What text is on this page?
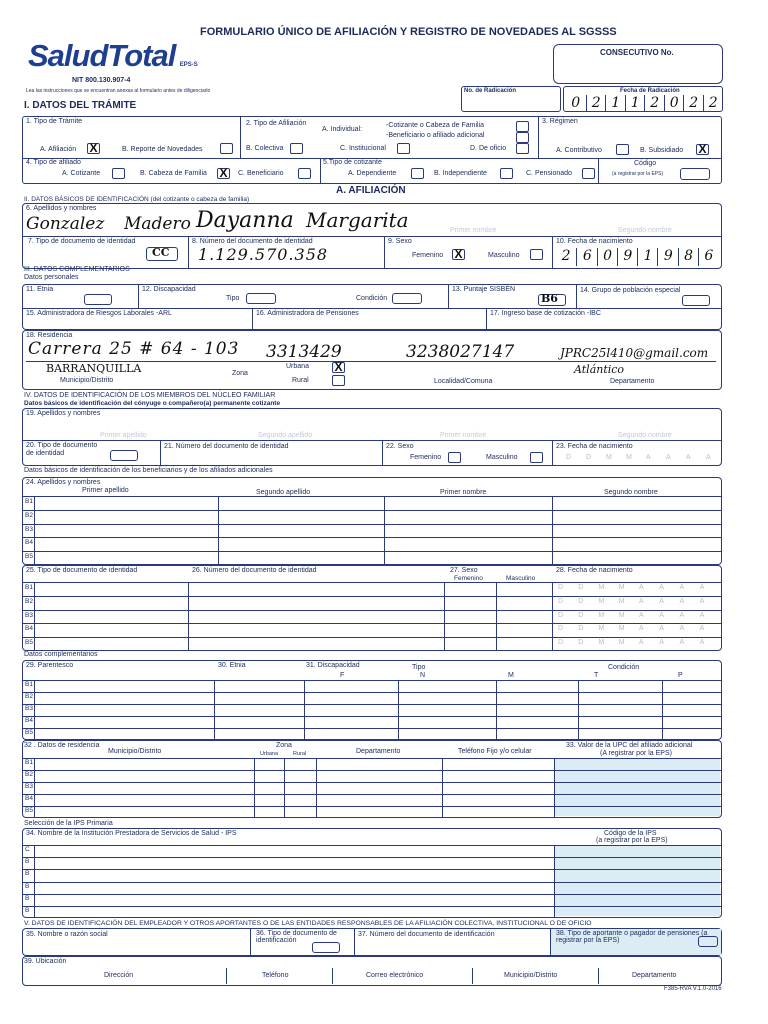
SaludTotal EPS-S
FORMULARIO ÚNICO DE AFILIACIÓN Y REGISTRO DE NOVEDADES AL SGSSS
NIT 800.130.907-4
Lea las instrucciones que se encuentran anexas al formulario antes de diligenciarlo
CONSECUTIVO No.
No. de Radicación	Fecha de Radicación
0 2 1 1 2 0 2 2
I. DATOS DEL TRÁMITE
1. Tipo de Trámite
A. Afiliación X	B. Reporte de Novedades
2. Tipo de Afiliación
A. Individual:
-Cotizante o Cabeza de Familia
-Beneficiario o afiliado adicional
B. Colectiva	C. Institucional	D. De oficio
3. Régimen
A. Contributivo	B. Subsidiado X
4. Tipo de afiliado
A. Cotizante	B. Cabeza de Familia X	C. Beneficiario
5.Tipo de cotizante
A. Dependiente	B. Independiente	C. Pensionado
Código
(a registrar por la EPS)
A. AFILIACIÓN
II. DATOS BÁSICOS DE IDENTIFICACIÓN (del cotizante o cabeza de familia)
6. Apellidos y nombres
Gonzalez Madero Dayanna Margarita	Primer nombre	Segundo nombre
7. Tipo de documento de identidad
CC
8. Número del documento de identidad
1.129.570.358
9. Sexo
Femenino X	Masculino
10. Fecha de nacimiento
2 6 0 9 1 9 8 6
III. DATOS COMPLEMENTARIOS
Datos personales
11. Etnia	12. Discapacidad
Tipo	Condición
13. Puntaje SISBÉN
B6
14. Grupo de población especial
15. Administradora de Riesgos Laborales -ARL	16. Administradora de Pensiones	17. Ingreso base de cotización -IBC
18. Residencia
Carrera 25 # 64 - 103 3313429	3238027147	JPRC25l410@gmail.com
BARRANQUILLA	Atlántico
Municipio/Distrito
Zona
Urbana X
Rural	Localidad/Comuna	Departamento
IV. DATOS DE IDENTIFICACIÓN DE LOS MIEMBROS DEL NÚCLEO FAMILIAR
Datos básicos de identificación del cónyuge o compañero(a) permanente cotizante
19. Apellidos y nombres
Primer apellido	Segundo apellido	Primer nombre	Segundo nombre
20. Tipo de documento de identidad
21. Número del documento de identidad	22. Sexo
Femenino	Masculino
23. Fecha de nacimiento
D D M M A A A A
Datos básicos de identificación de los beneficiarios y de los afiliados adicionales
24. Apellidos y nombres
Primer apellido	Segundo apellido	Primer nombre	Segundo nombre
B1
B2
B3
B4
B5
25. Tipo de documento de identidad	26. Número del documento de identidad	27. Sexo
Femenino	Masculino
28. Fecha de nacimiento
B1	D D M M A A A A
B2	D D M M A A A A
B3	D D M M A A A A
B4	D D M M A A A A
B5	D D M M A A A A
Datos complementarios
29. Parentesco	30. Etnia	31. Discapacidad	Tipo
F	N	M
Condición
T	P
B1
B2
B3
B4
B5
32 . Datos de residencia
Municipio/Distrito
Zona
Urbana	Rural	Departamento	Teléfono Fijo y/o celular
33. Valor de la UPC del afiliado adicional
(A registrar por la EPS)
B1
B2
B3
B4
B5
Selección de la IPS Primaria
34. Nombre de la Institución Prestadora de Servicios de Salud - IPS	Código de la IPS
(a registrar por la EPS)
C
B
B
B
B
B
V. DATOS DE IDENTIFICACIÓN DEL EMPLEADOR Y OTROS APORTANTES O DE LAS ENTIDADES RESPONSABLES DE LA AFILIACIÓN COLECTIVA, INSTITUCIONAL O DE OFICIO
35. Nombre o razón social	36. Tipo de documento de identificación
37. Número del documento de identificación	38. Tipo de aportante o pagador de pensiones (a registrar por la EPS)
39. Ubicación
Dirección	Teléfono	Correo electrónico	Municipio/Distrito	Departamento
F385-RVA V.1.0-2016
